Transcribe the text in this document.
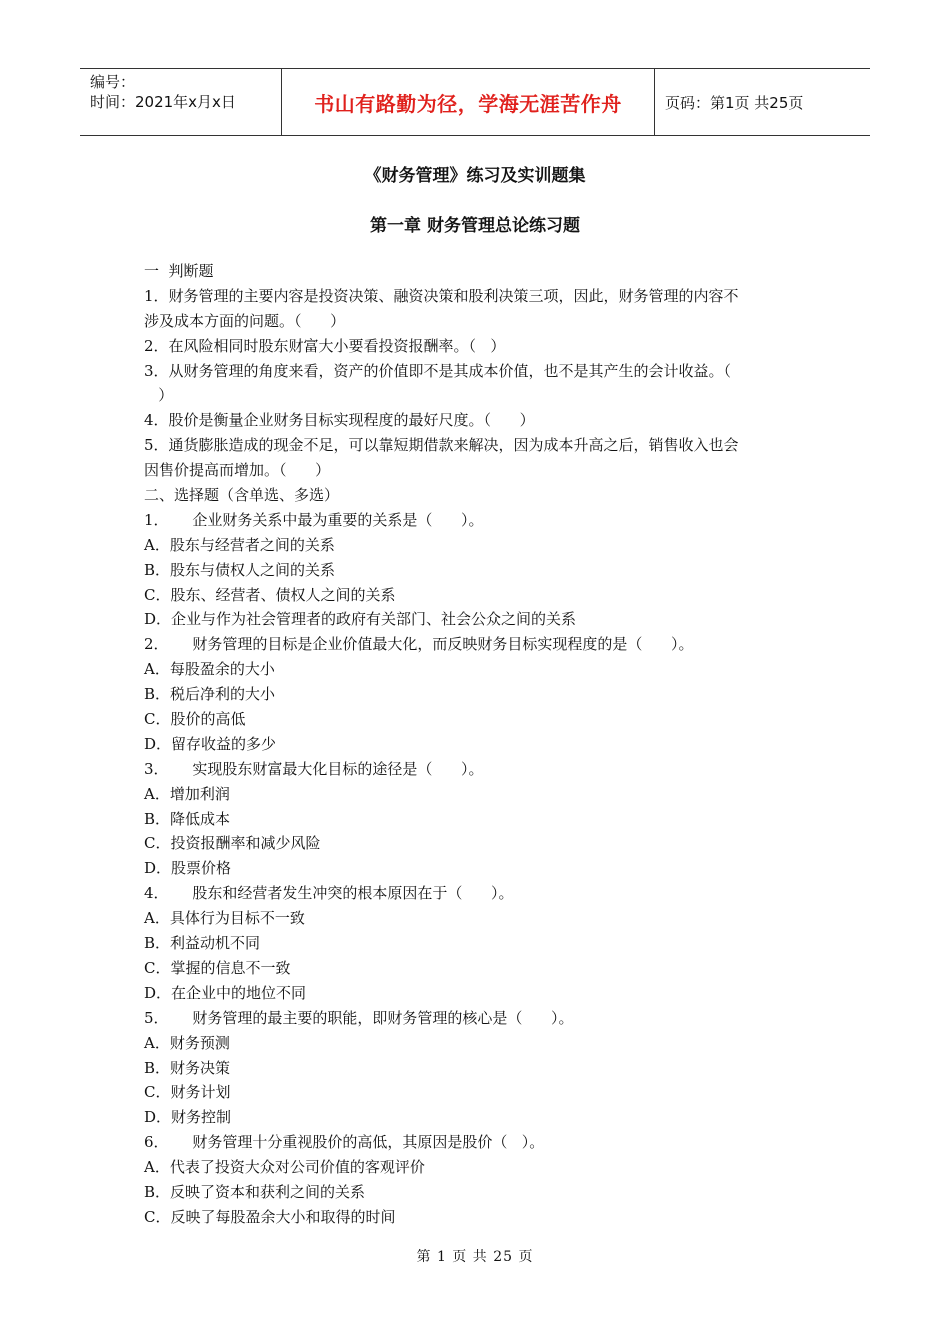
编号：
时间：2021年x月x日	书山有路勤为径，学海无涯苦作舟	页码：第1页 共25页
《财务管理》练习及实训题集
第一章 财务管理总论练习题
一  判断题
1．财务管理的主要内容是投资决策、融资决策和股利决策三项，因此，财务管理的内容不
涉及成本方面的问题。（      ）
2．在风险相同时股东财富大小要看投资报酬率。（   ）
3．从财务管理的角度来看，资产的价值即不是其成本价值，也不是其产生的会计收益。（
）
4．股价是衡量企业财务目标实现程度的最好尺度。（      ）
5．通货膨胀造成的现金不足，可以靠短期借款来解决，因为成本升高之后，销售收入也会
因售价提高而增加。（      ）
二、选择题（含单选、多选）
1．     企业财务关系中最为重要的关系是（      ）。
A．股东与经营者之间的关系
B．股东与债权人之间的关系
C．股东、经营者、债权人之间的关系
D．企业与作为社会管理者的政府有关部门、社会公众之间的关系
2．     财务管理的目标是企业价值最大化，而反映财务目标实现程度的是（      ）。
A．每股盈余的大小
B．税后净利的大小
C．股价的高低
D．留存收益的多少
3．     实现股东财富最大化目标的途径是（      ）。
A．增加利润
B．降低成本
C．投资报酬率和减少风险
D．股票价格
4．     股东和经营者发生冲突的根本原因在于（      ）。
A．具体行为目标不一致
B．利益动机不同
C．掌握的信息不一致
D．在企业中的地位不同
5．     财务管理的最主要的职能，即财务管理的核心是（      ）。
A．财务预测
B．财务决策
C．财务计划
D．财务控制
6．     财务管理十分重视股价的高低，其原因是股价（   ）。
A．代表了投资大众对公司价值的客观评价
B．反映了资本和获利之间的关系
C．反映了每股盈余大小和取得的时间
第 1 页 共 25 页
